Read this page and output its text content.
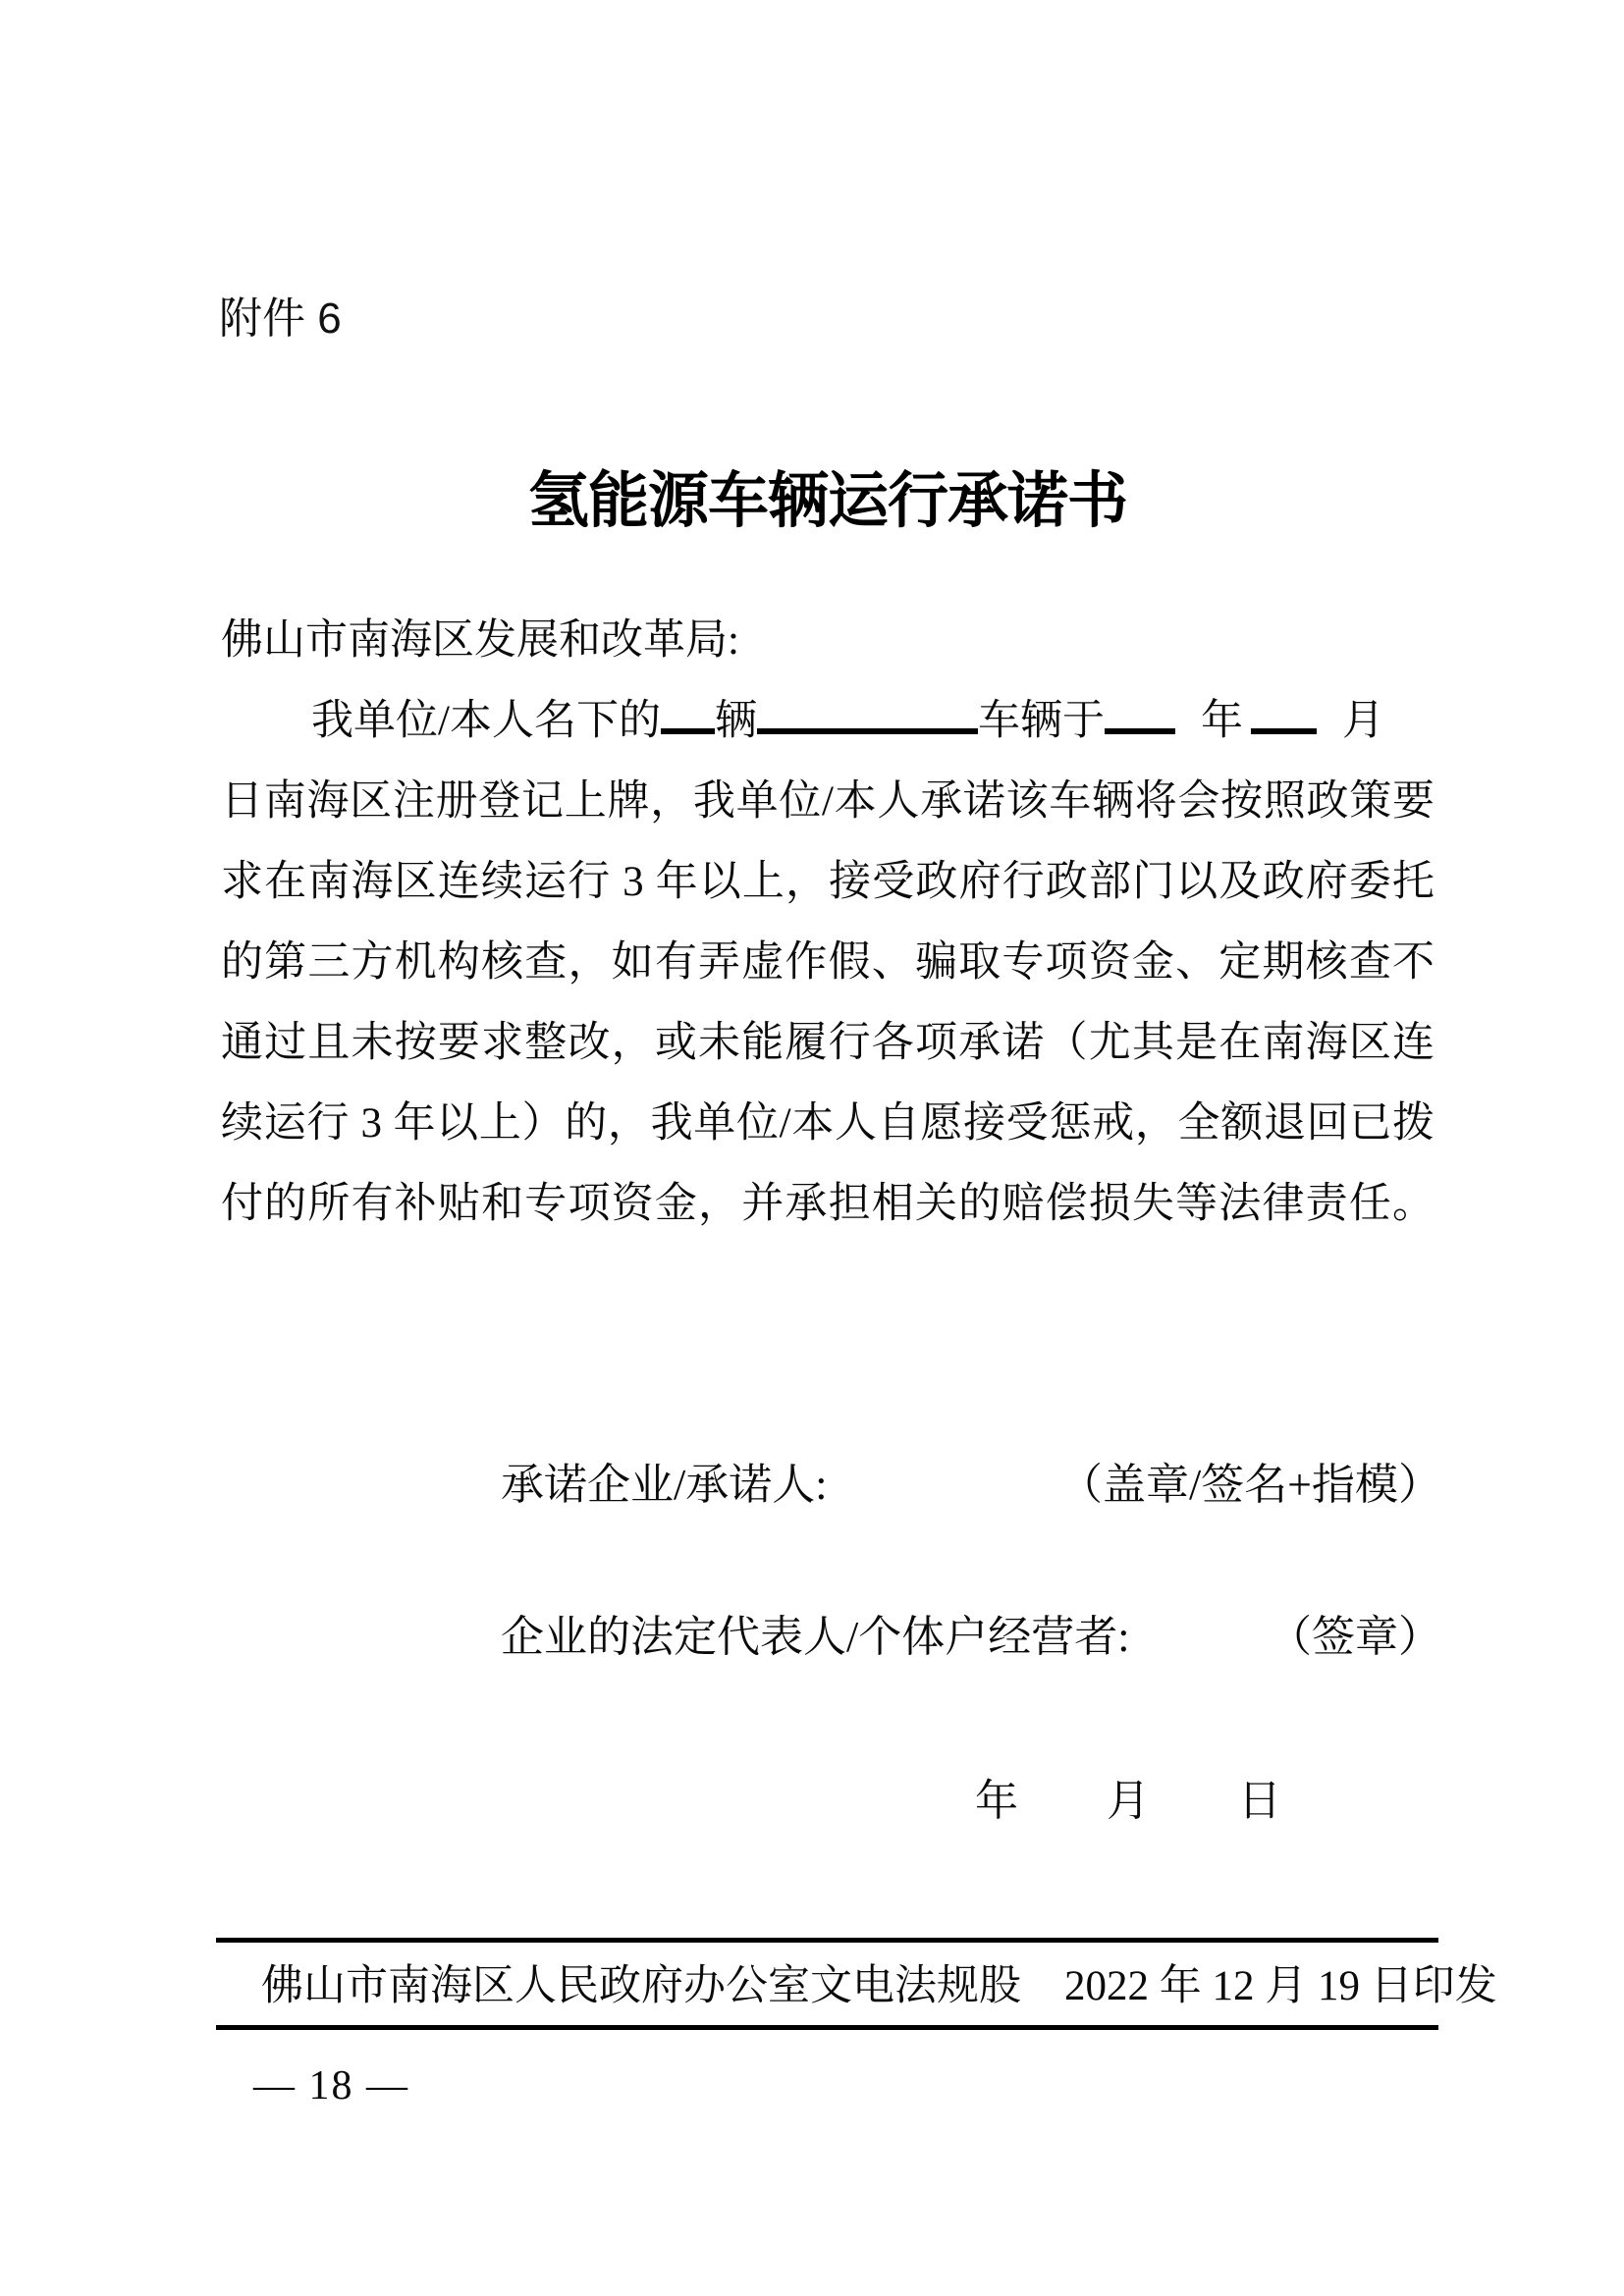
附件 6
氢能源车辆运行承诺书
佛山市南海区发展和改革局:
我单位/本人名下的 辆	车辆于 年 月
日南海区注册登记上牌，我单位/本人承诺该车辆将会按照政策要
求在南海区连续运行 3 年以上，接受政府行政部门以及政府委托
的第三方机构核查，如有弄虚作假、骗取专项资金、定期核查不
通过且未按要求整改，或未能履行各项承诺（尤其是在南海区连
续运行 3 年以上）的，我单位/本人自愿接受惩戒，全额退回已拨
付的所有补贴和专项资金，并承担相关的赔偿损失等法律责任。
承诺企业/承诺人:	（盖章/签名+指模）
企业的法定代表人/个体户经营者:	（签章）
年 月 日
佛山市南海区人民政府办公室文电法规股 2022 年 12 月 19 日印发
— 18 —
